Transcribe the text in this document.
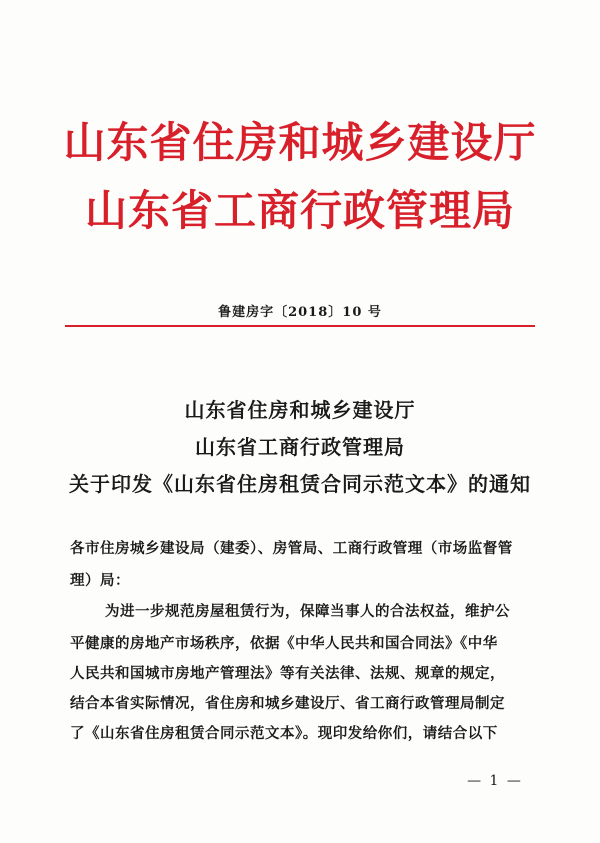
山东省住房和城乡建设厅
山东省工商行政管理局
鲁建房字〔2018〕10 号
山东省住房和城乡建设厅
山东省工商行政管理局
关于印发《山东省住房租赁合同示范文本》的通知
各市住房城乡建设局（建委）、房管局、工商行政管理（市场监督管
理）局：
为进一步规范房屋租赁行为，保障当事人的合法权益，维护公
平健康的房地产市场秩序，依据《中华人民共和国合同法》《中华
人民共和国城市房地产管理法》等有关法律、法规、规章的规定，
结合本省实际情况，省住房和城乡建设厅、省工商行政管理局制定
了《山东省住房租赁合同示范文本》。现印发给你们，请结合以下
— 1 —
